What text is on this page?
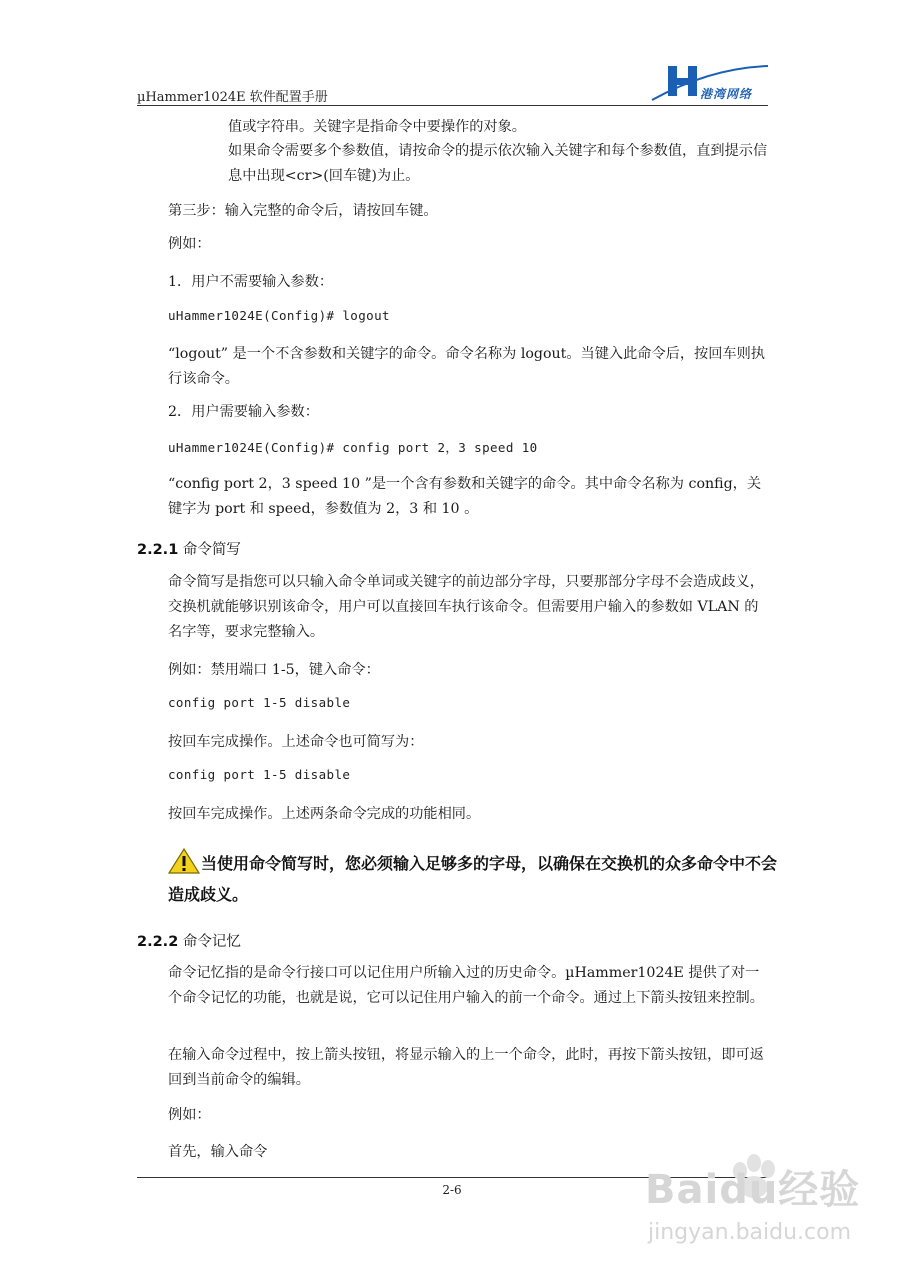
µHammer1024E 软件配置手册	港湾网络
值或字符串。关键字是指命令中要操作的对象。
如果命令需要多个参数值，请按命令的提示依次输入关键字和每个参数值，直到提示信息中出现<cr>(回车键)为止。
第三步：输入完整的命令后，请按回车键。
例如：
1．用户不需要输入参数：
uHammer1024E(Config)# logout
“logout” 是一个不含参数和关键字的命令。命令名称为 logout。当键入此命令后，按回车则执行该命令。
2．用户需要输入参数：
uHammer1024E(Config)# config port 2，3 speed 10
“config port 2，3 speed 10 ”是一个含有参数和关键字的命令。其中命令名称为 config，关键字为 port 和 speed，参数值为 2，3 和 10 。
2.2.1 命令简写
命令简写是指您可以只输入命令单词或关键字的前边部分字母，只要那部分字母不会造成歧义，交换机就能够识别该命令，用户可以直接回车执行该命令。但需要用户输入的参数如 VLAN 的名字等，要求完整输入。
例如：禁用端口 1-5，键入命令：
config port 1-5 disable
按回车完成操作。上述命令也可简写为：
config port 1-5 disable
按回车完成操作。上述两条命令完成的功能相同。
当使用命令简写时，您必须输入足够多的字母，以确保在交换机的众多命令中不会造成歧义。
2.2.2 命令记忆
命令记忆指的是命令行接口可以记住用户所输入过的历史命令。µHammer1024E 提供了对一个命令记忆的功能，也就是说，它可以记住用户输入的前一个命令。通过上下箭头按钮来控制。
在输入命令过程中，按上箭头按钮，将显示输入的上一个命令，此时，再按下箭头按钮，即可返回到当前命令的编辑。
例如：
首先，输入命令
2-6	Baidu经验
jingyan.baidu.com
